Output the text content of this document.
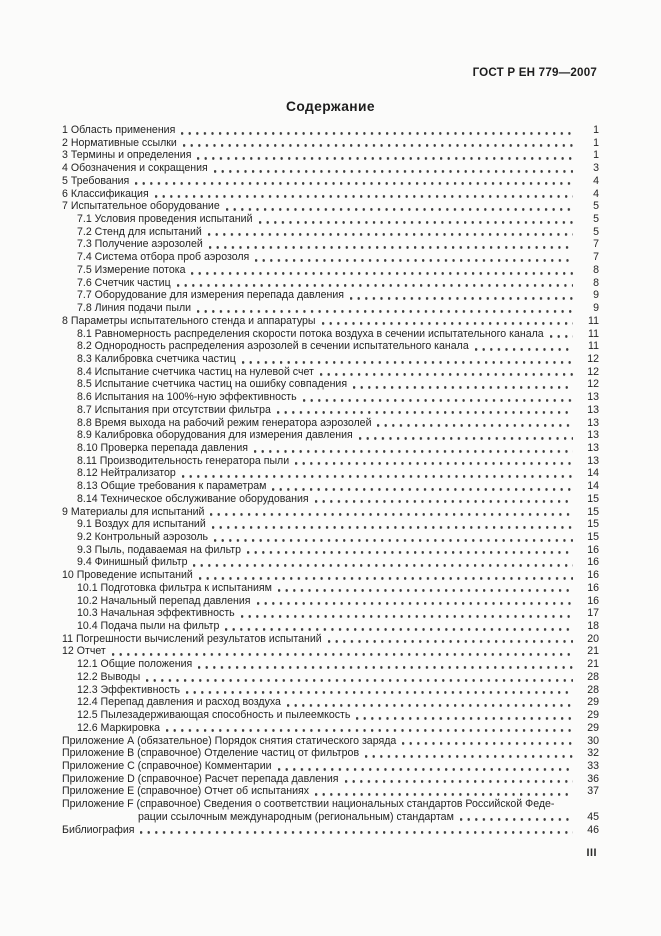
ГОСТ Р ЕН 779—2007
Содержание
1 Область применения	1
2 Нормативные ссылки	1
3 Термины и определения	1
4 Обозначения и сокращения	3
5 Требования	4
6 Классификация	4
7 Испытательное оборудование	5
7.1 Условия проведения испытаний	5
7.2 Стенд для испытаний	5
7.3 Получение аэрозолей	7
7.4 Система отбора проб аэрозоля	7
7.5 Измерение потока	8
7.6 Счетчик частиц	8
7.7 Оборудование для измерения перепада давления	9
7.8 Линия подачи пыли	9
8 Параметры испытательного стенда и аппаратуры	11
8.1 Равномерность распределения скорости потока воздуха в сечении испытательного канала	11
8.2 Однородность распределения аэрозолей в сечении испытательного канала	11
8.3 Калибровка счетчика частиц	12
8.4 Испытание счетчика частиц на нулевой счет	12
8.5 Испытание счетчика частиц на ошибку совпадения	12
8.6 Испытания на 100%-ную эффективность	13
8.7 Испытания при отсутствии фильтра	13
8.8 Время выхода на рабочий режим генератора аэрозолей	13
8.9 Калибровка оборудования для измерения давления	13
8.10 Проверка перепада давления	13
8.11 Производительность генератора пыли	13
8.12 Нейтрализатор	14
8.13 Общие требования к параметрам	14
8.14 Техническое обслуживание оборудования	15
9 Материалы для испытаний	15
9.1 Воздух для испытаний	15
9.2 Контрольный аэрозоль	15
9.3 Пыль, подаваемая на фильтр	16
9.4 Финишный фильтр	16
10 Проведение испытаний	16
10.1 Подготовка фильтра к испытаниям	16
10.2 Начальный перепад давления	16
10.3 Начальная эффективность	17
10.4 Подача пыли на фильтр	18
11 Погрешности вычислений результатов испытаний	20
12 Отчет	21
12.1 Общие положения	21
12.2 Выводы	28
12.3 Эффективность	28
12.4 Перепад давления и расход воздуха	29
12.5 Пылезадерживающая способность и пылеемкость	29
12.6 Маркировка	29
Приложение А (обязательное) Порядок снятия статического заряда	30
Приложение В (справочное) Отделение частиц от фильтров	32
Приложение С (справочное) Комментарии	33
Приложение D (справочное) Расчет перепада давления	36
Приложение Е (справочное) Отчет об испытаниях	37
Приложение F (справочное) Сведения о соответствии национальных стандартов Российской Феде-
рации ссылочным международным (региональным) стандартам	45
Библиография	46
III
